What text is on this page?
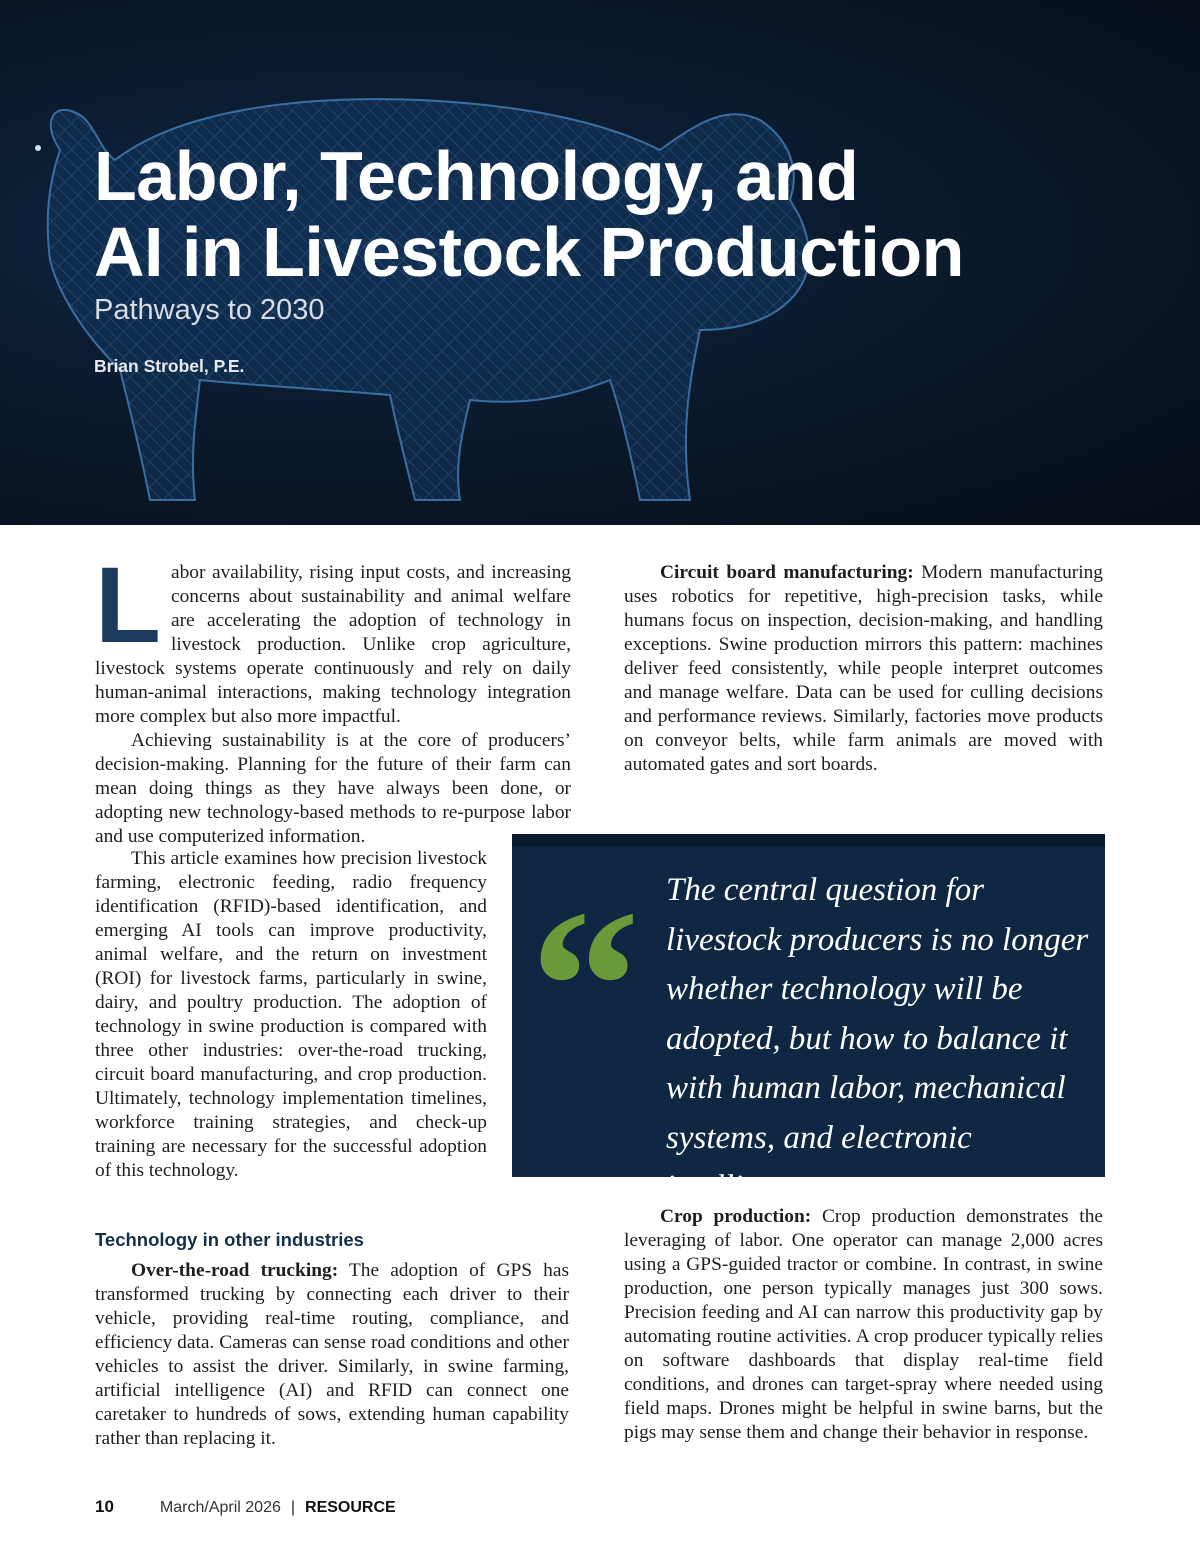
Labor, Technology, and
AI in Livestock Production

Pathways to 2030

Brian Strobel, P.E.

L abor availability, rising input costs, and increasing concerns about sustainability and animal welfare are accelerating the adoption of technology in livestock production. Unlike crop agriculture, livestock systems operate continuously and rely on daily human-animal interactions, making technology integration more complex but also more impactful.

Achieving sustainability is at the core of producers’ decision-making. Planning for the future of their farm can mean doing things as they have always been done, or adopting new technology-based methods to re-purpose labor and use computerized information.

This article examines how precision livestock farming, electronic feeding, radio frequency identification (RFID)-based identification, and emerging AI tools can improve productivity, animal welfare, and the return on investment (ROI) for livestock farms, particularly in swine, dairy, and poultry production. The adoption of technology in swine production is compared with three other industries: over-the-road trucking, circuit board manufacturing, and crop production. Ultimately, technology implementation timelines, workforce training strategies, and check-up training are necessary for the successful adoption of this technology.

Technology in other industries

Over-the-road trucking: The adoption of GPS has transformed trucking by connecting each driver to their vehicle, providing real-time routing, compliance, and efficiency data. Cameras can sense road conditions and other vehicles to assist the driver. Similarly, in swine farming, artificial intelligence (AI) and RFID can connect one caretaker to hundreds of sows, extending human capability rather than replacing it.

Circuit board manufacturing: Modern manufacturing uses robotics for repetitive, high-precision tasks, while humans focus on inspection, decision-making, and handling exceptions. Swine production mirrors this pattern: machines deliver feed consistently, while people interpret outcomes and manage welfare. Data can be used for culling decisions and performance reviews. Similarly, factories move products on conveyor belts, while farm animals are moved with automated gates and sort boards.

“ The central question for livestock producers is no longer whether technology will be adopted, but how to balance it with human labor, mechanical systems, and electronic intelligence.

Crop production: Crop production demonstrates the leveraging of labor. One operator can manage 2,000 acres using a GPS-guided tractor or combine. In contrast, in swine production, one person typically manages just 300 sows. Precision feeding and AI can narrow this productivity gap by automating routine activities. A crop producer typically relies on software dashboards that display real-time field conditions, and drones can target-spray where needed using field maps. Drones might be helpful in swine barns, but the pigs may sense them and change their behavior in response.

10	March/April 2026 | RESOURCE
